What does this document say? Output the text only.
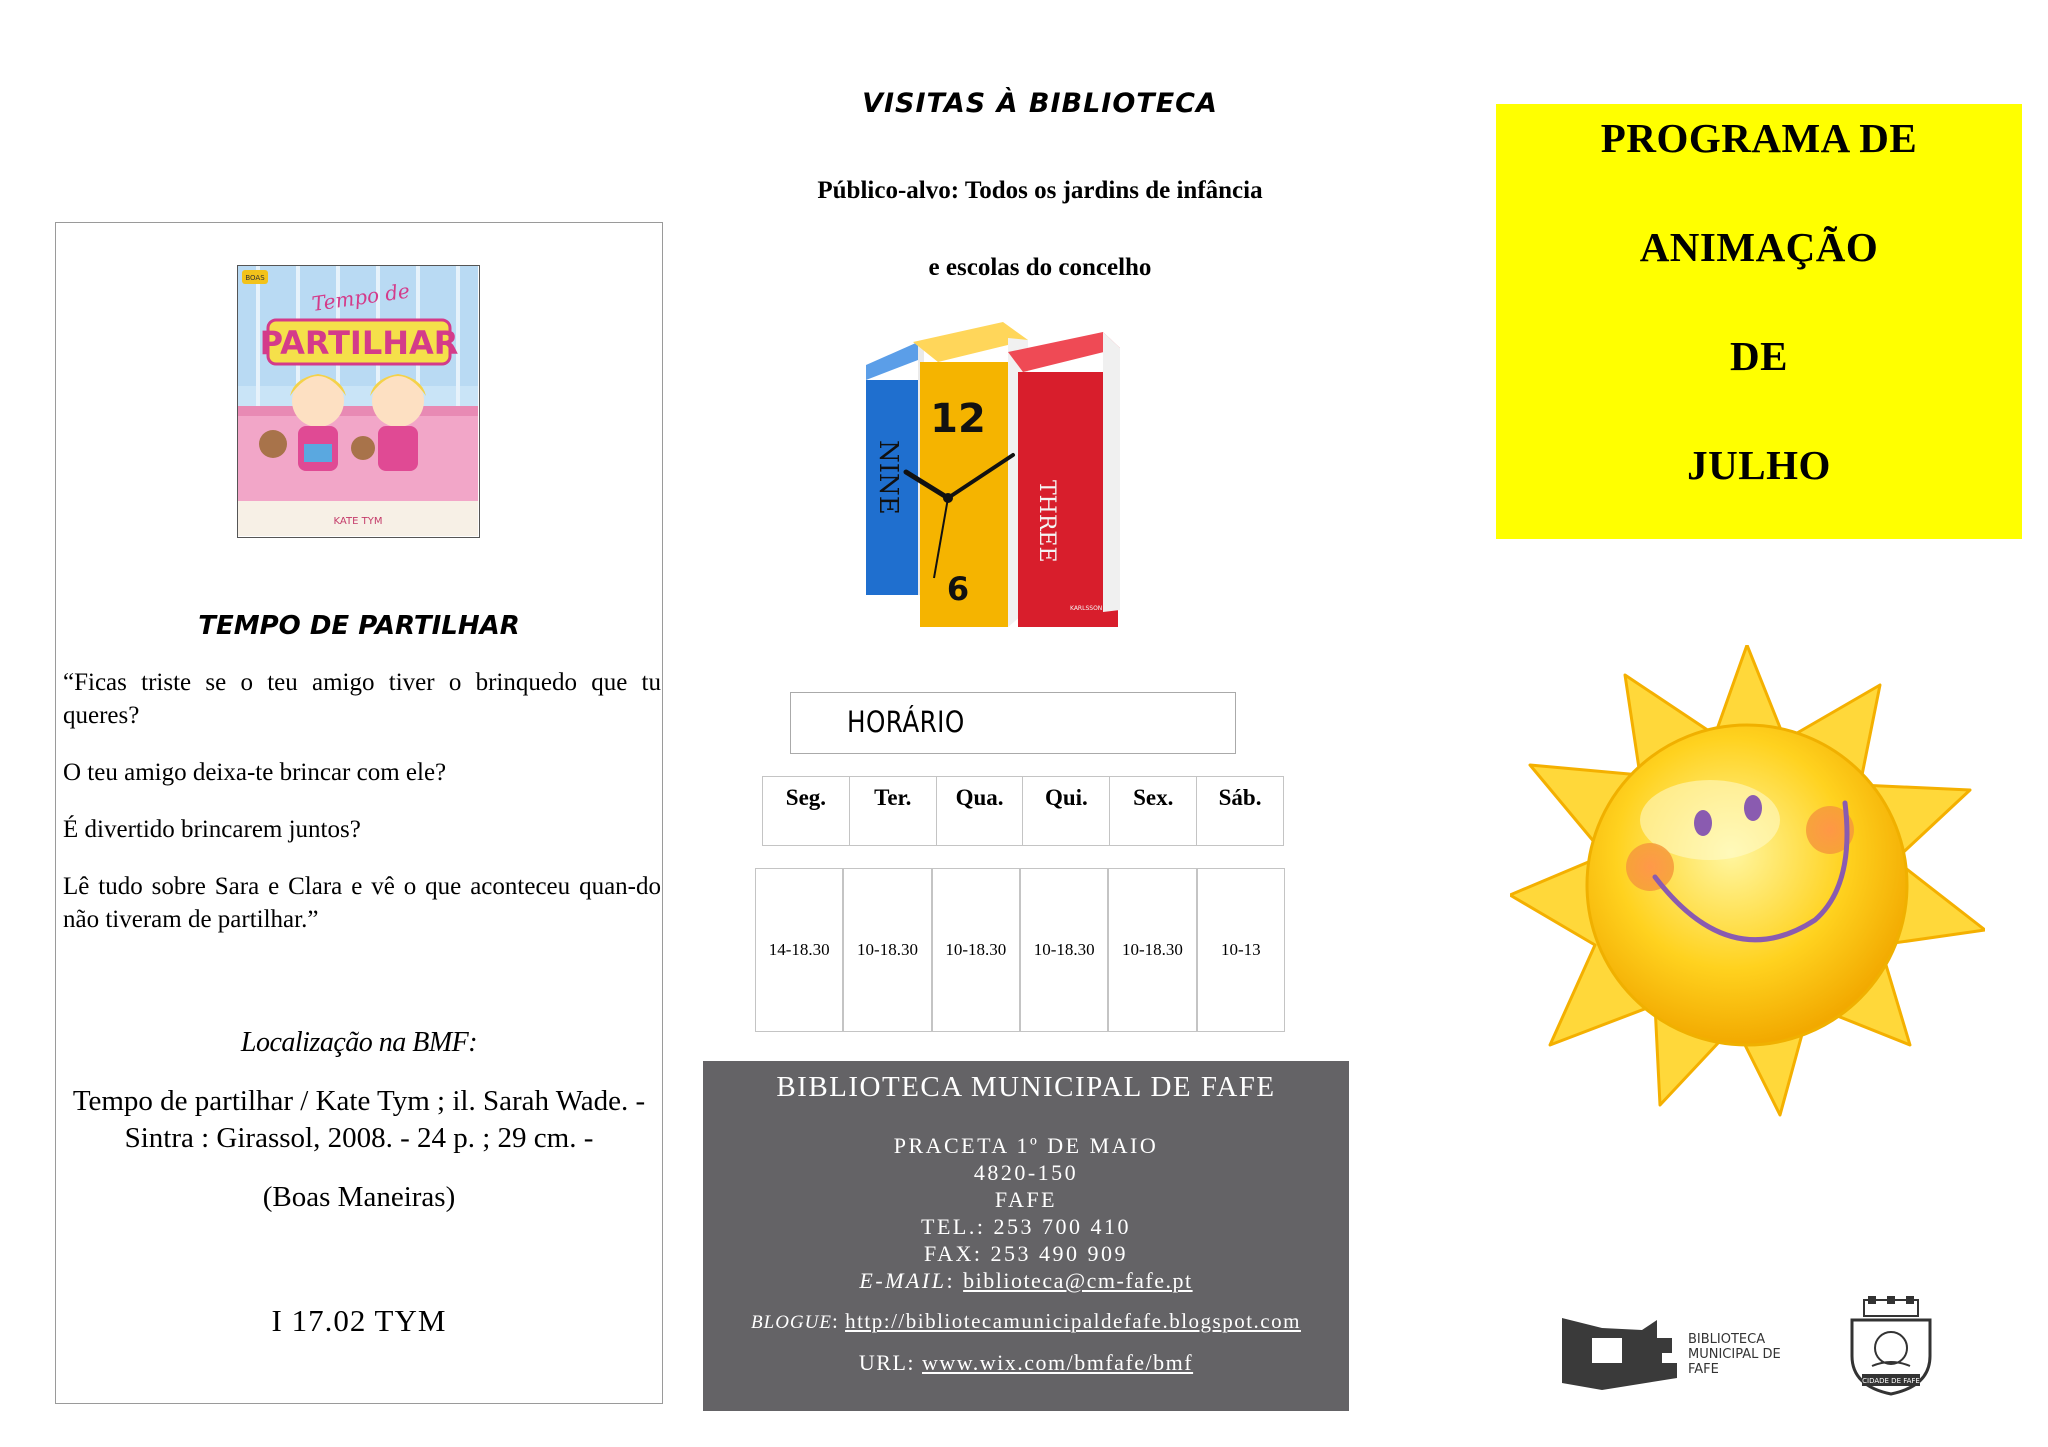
BOAS
Tempo de
PARTILHAR
KATE TYM
TEMPO DE PARTILHAR

“Ficas triste se o teu amigo tiver o brinquedo que tu queres?

O teu amigo deixa-te brincar com ele?

É divertido brincarem juntos?

Lê tudo sobre Sara e Clara e vê o que aconteceu quan-do não tiveram de partilhar.”

Localização na BMF:
Tempo de partilhar / Kate Tym ; il. Sarah Wade. -
Sintra : Girassol, 2008. - 24 p. ; 29 cm. -
(Boas Maneiras)
I 17.02 TYM
VISITAS À BIBLIOTECA
Público-alvo: Todos os jardins de infância
e escolas do concelho
12
6
NINE
THREE
KARLSSON
HORÁRIO
Seg.	Ter.	Qua.	Qui.	Sex.	Sáb.
14-18.30	10-18.30	10-18.30	10-18.30	10-18.30	10-13
BIBLIOTECA MUNICIPAL DE FAFE
PRACETA 1º DE MAIO
4820-150
FAFE
TEL.: 253 700 410
FAX: 253 490 909
E-MAIL: biblioteca@cm-fafe.pt
BLOGUE: http://bibliotecamunicipaldefafe.blogspot.com
URL: www.wix.com/bmfafe/bmf
PROGRAMA DE
ANIMAÇÃO
DE
JULHO
BIBLIOTECA
MUNICIPAL DE
FAFE
CIDADE DE FAFE
